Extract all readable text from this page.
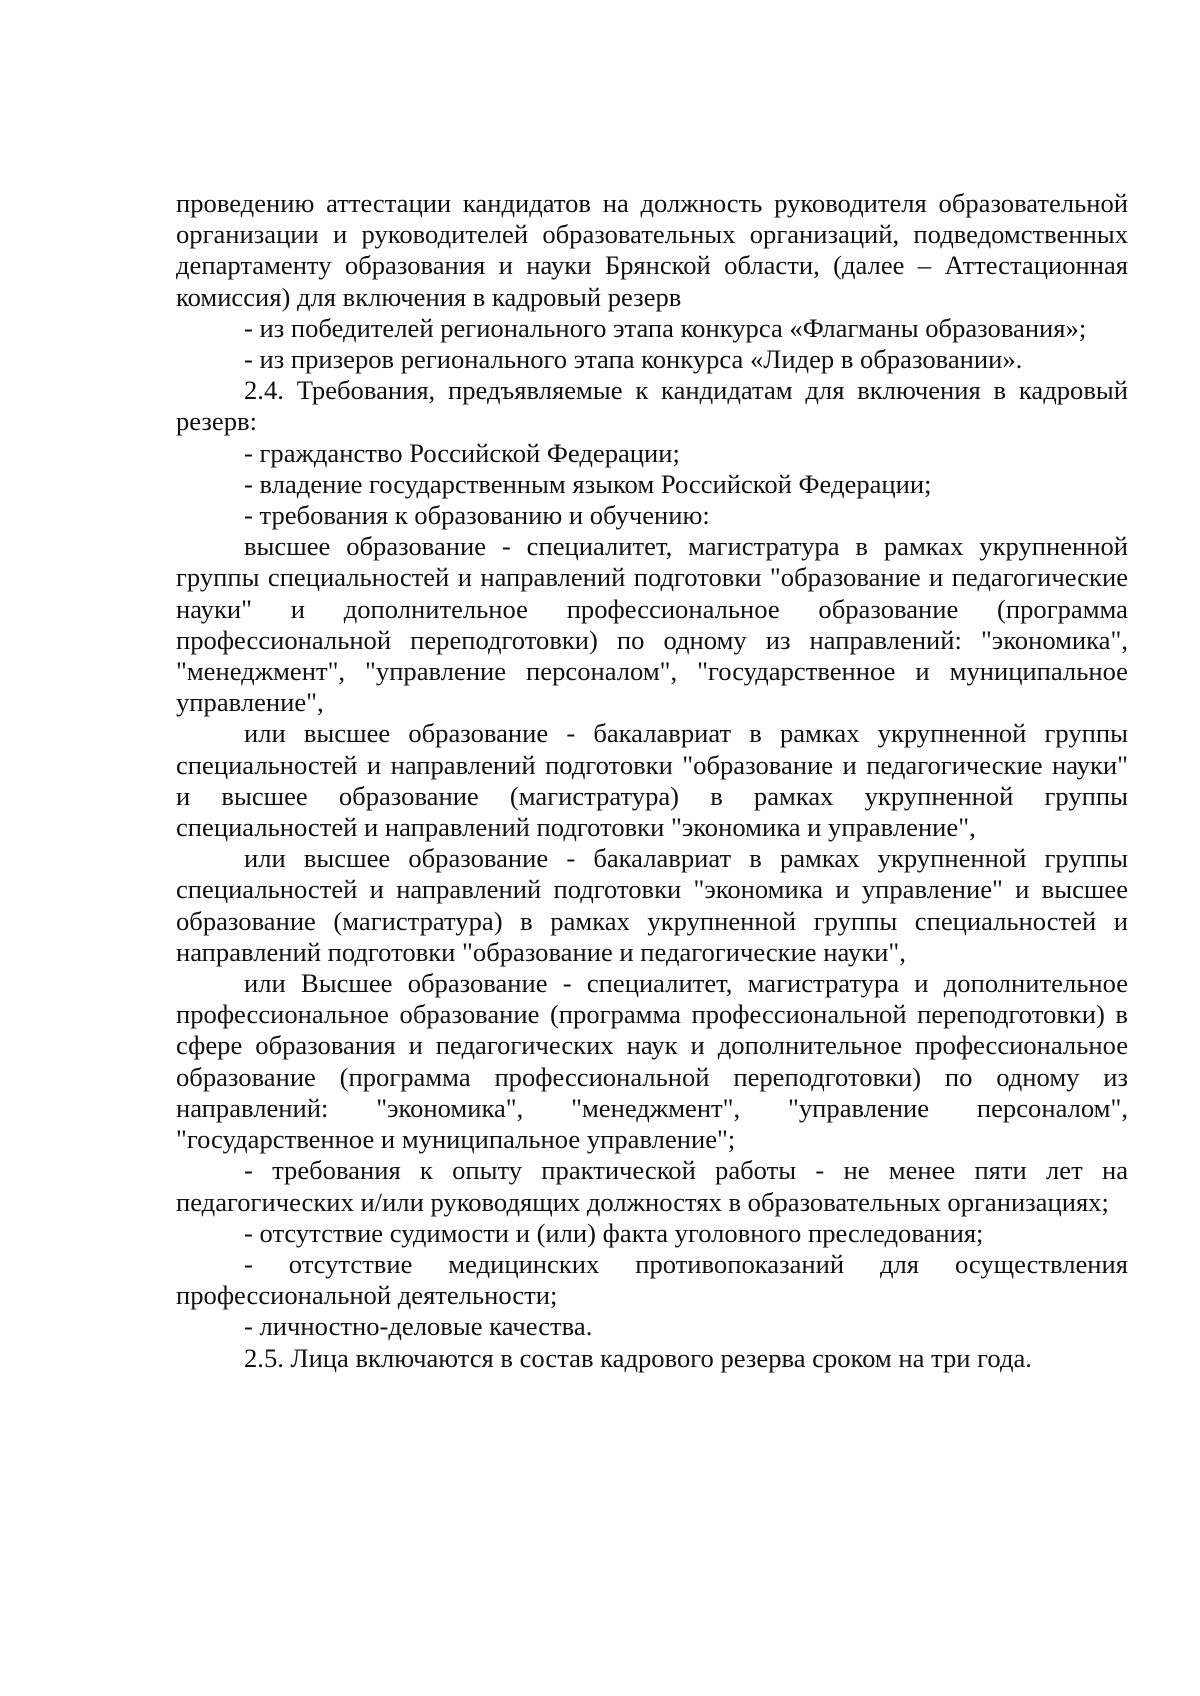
проведению аттестации кандидатов на должность руководителя образовательной организации и руководителей образовательных организаций, подведомственных департаменту образования и науки Брянской области, (далее – Аттестационная комиссия) для включения в кадровый резерв

- из победителей регионального этапа конкурса «Флагманы образования»;

- из призеров регионального этапа конкурса «Лидер в образовании».

2.4. Требования, предъявляемые к кандидатам для включения в кадровый резерв:

- гражданство Российской Федерации;

- владение государственным языком Российской Федерации;

- требования к образованию и обучению:

высшее образование - специалитет, магистратура в рамках укрупненной группы специальностей и направлений подготовки "образование и педагогические науки" и дополнительное профессиональное образование (программа профессиональной переподготовки) по одному из направлений: "экономика", "менеджмент", "управление персоналом", "государственное и муниципальное управление",

или высшее образование - бакалавриат в рамках укрупненной группы специальностей и направлений подготовки "образование и педагогические науки" и высшее образование (магистратура) в рамках укрупненной группы специальностей и направлений подготовки "экономика и управление",

или высшее образование - бакалавриат в рамках укрупненной группы специальностей и направлений подготовки "экономика и управление" и высшее образование (магистратура) в рамках укрупненной группы специальностей и направлений подготовки "образование и педагогические науки",

или Высшее образование - специалитет, магистратура и дополнительное профессиональное образование (программа профессиональной переподготовки) в сфере образования и педагогических наук и дополнительное профессиональное образование (программа профессиональной переподготовки) по одному из направлений: "экономика", "менеджмент", "управление персоналом", "государственное и муниципальное управление";

- требования к опыту практической работы - не менее пяти лет на педагогических и/или руководящих должностях в образовательных организациях;

- отсутствие судимости и (или) факта уголовного преследования;

- отсутствие медицинских противопоказаний для осуществления профессиональной деятельности;

- личностно-деловые качества.

2.5. Лица включаются в состав кадрового резерва сроком на три года.
